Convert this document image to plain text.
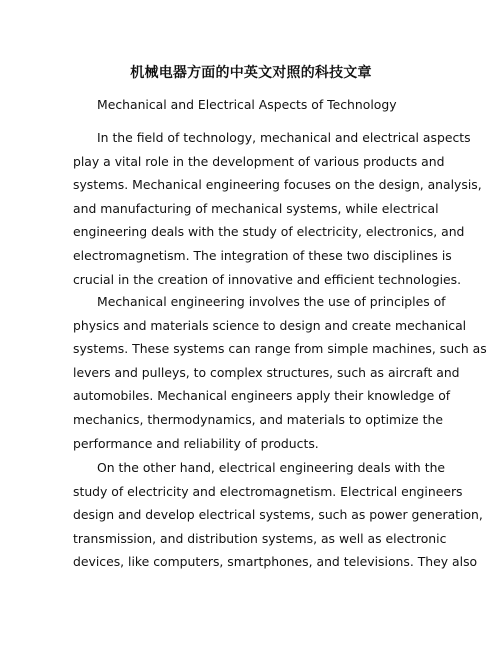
机械电器方面的中英文对照的科技文章
Mechanical and Electrical Aspects of Technology
In the field of technology, mechanical and electrical aspects
play a vital role in the development of various products and
systems. Mechanical engineering focuses on the design, analysis,
and manufacturing of mechanical systems, while electrical
engineering deals with the study of electricity, electronics, and
electromagnetism. The integration of these two disciplines is
crucial in the creation of innovative and efficient technologies.
Mechanical engineering involves the use of principles of
physics and materials science to design and create mechanical
systems. These systems can range from simple machines, such as
levers and pulleys, to complex structures, such as aircraft and
automobiles. Mechanical engineers apply their knowledge of
mechanics, thermodynamics, and materials to optimize the
performance and reliability of products.
On the other hand, electrical engineering deals with the
study of electricity and electromagnetism. Electrical engineers
design and develop electrical systems, such as power generation,
transmission, and distribution systems, as well as electronic
devices, like computers, smartphones, and televisions. They also
